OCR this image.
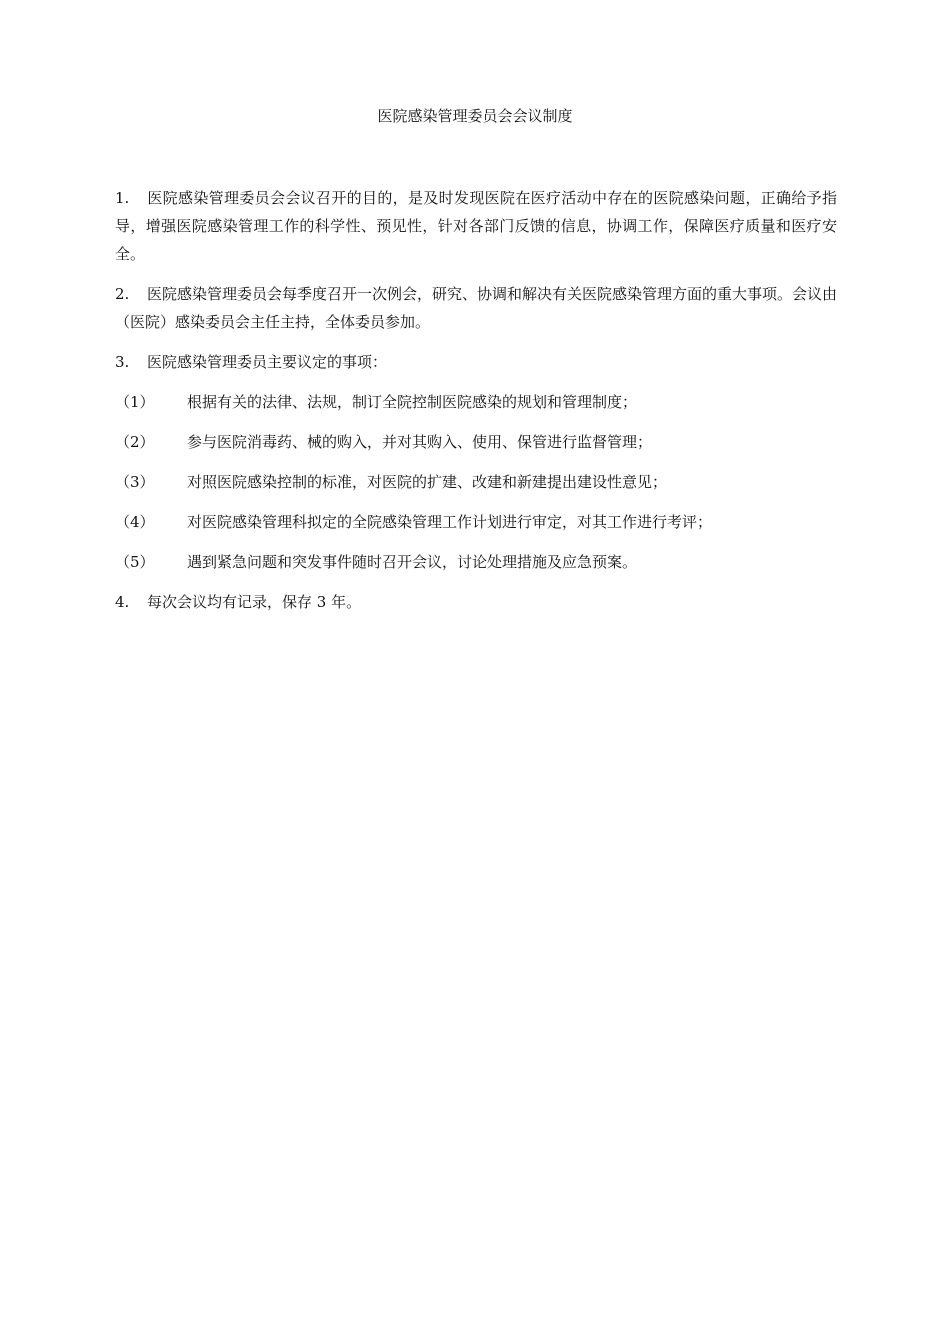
医院感染管理委员会会议制度

1. 医院感染管理委员会会议召开的目的，是及时发现医院在医疗活动中存在的医院感染问题，正确给予指导，增强医院感染管理工作的科学性、预见性，针对各部门反馈的信息，协调工作，保障医疗质量和医疗安全。

2. 医院感染管理委员会每季度召开一次例会，研究、协调和解决有关医院感染管理方面的重大事项。会议由（医院）感染委员会主任主持，全体委员参加。

3. 医院感染管理委员主要议定的事项：

（1） 根据有关的法律、法规，制订全院控制医院感染的规划和管理制度；
（2） 参与医院消毒药、械的购入，并对其购入、使用、保管进行监督管理；
（3） 对照医院感染控制的标准，对医院的扩建、改建和新建提出建设性意见；
（4） 对医院感染管理科拟定的全院感染管理工作计划进行审定，对其工作进行考评；
（5） 遇到紧急问题和突发事件随时召开会议，讨论处理措施及应急预案。

4. 每次会议均有记录，保存 3 年。
